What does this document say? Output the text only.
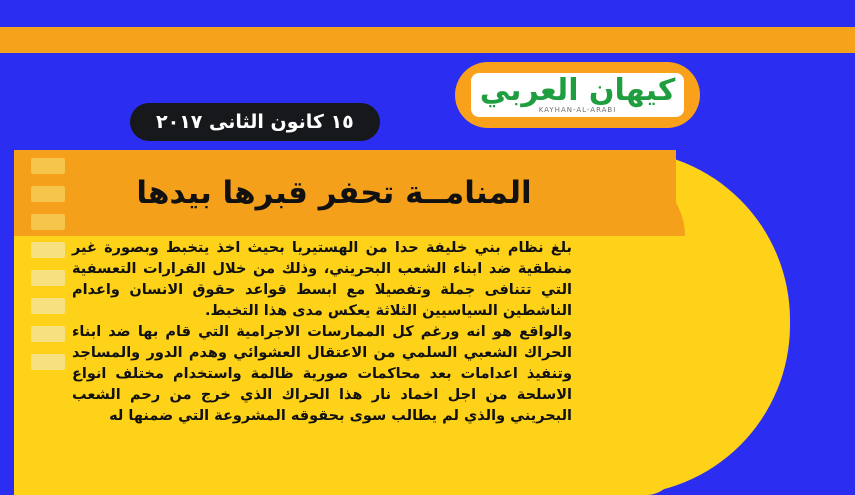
كيهان العربي
KAYHAN-AL-ARABI
١٥ كانون الثانى ٢٠١٧
المنامــة تحفر قبرها بيدها

بلغ نظام بني خليفة حدا من الهستيريا بحيث اخذ يتخبط وبصورة غير منطقية ضد ابناء الشعب البحريني، وذلك من خلال القرارات التعسفية التي تتنافى جملة وتفصيلا مع ابسط قواعد حقوق الانسان واعدام الناشطين السياسيين الثلاثة يعكس مدى هذا التخبط.

والواقع هو انه ورغم كل الممارسات الاجرامية التي قام بها ضد ابناء الحراك الشعبي السلمي من الاعتقال العشوائي وهدم الدور والمساجد وتنفيذ اعدامات بعد محاكمات صورية ظالمة واستخدام مختلف انواع الاسلحة من اجل اخماد نار هذا الحراك الذي خرج من رحم الشعب البحريني والذي لم يطالب سوى بحقوقه المشروعة التي ضمنها له
